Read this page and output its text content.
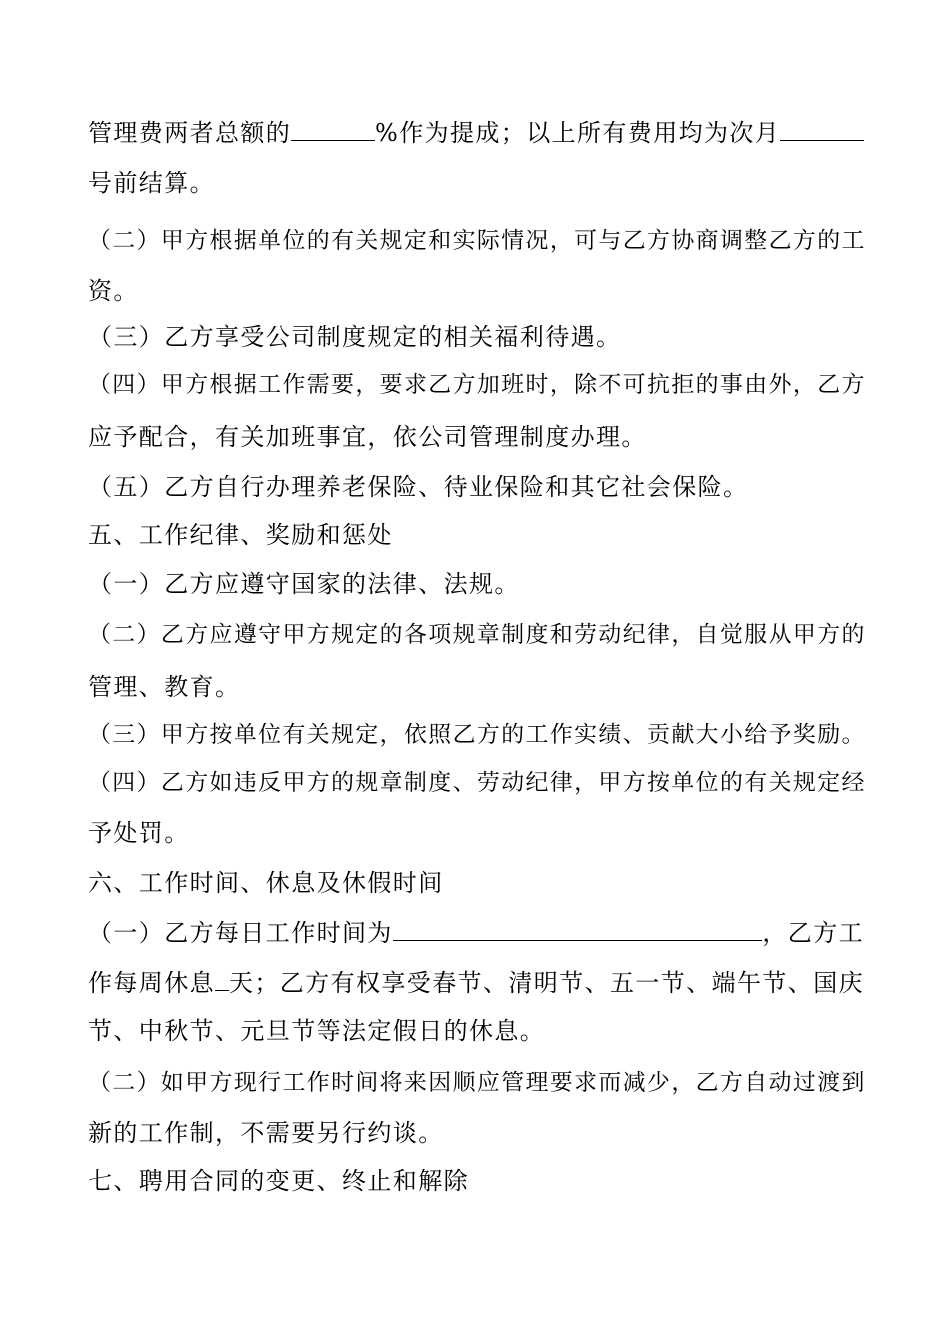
管理费两者总额的	%作为提成；以上所有费用均为次月
号前结算。
（二）甲方根据单位的有关规定和实际情况，可与乙方协商调整乙方的工
资。
（三）乙方享受公司制度规定的相关福利待遇。
（四）甲方根据工作需要，要求乙方加班时，除不可抗拒的事由外，乙方
应予配合，有关加班事宜，依公司管理制度办理。
（五）乙方自行办理养老保险、待业保险和其它社会保险。
五、工作纪律、奖励和惩处
（一）乙方应遵守国家的法律、法规。
（二）乙方应遵守甲方规定的各项规章制度和劳动纪律，自觉服从甲方的
管理、教育。
（三）甲方按单位有关规定，依照乙方的工作实绩、贡献大小给予奖励。
（四）乙方如违反甲方的规章制度、劳动纪律，甲方按单位的有关规定经
予处罚。
六、工作时间、休息及休假时间
（一）乙方每日工作时间为	，乙方工
作每周休息 天；乙方有权享受春节、清明节、五一节、端午节、国庆
节、中秋节、元旦节等法定假日的休息。
（二）如甲方现行工作时间将来因顺应管理要求而减少，乙方自动过渡到
新的工作制，不需要另行约谈。
七、聘用合同的变更、终止和解除
